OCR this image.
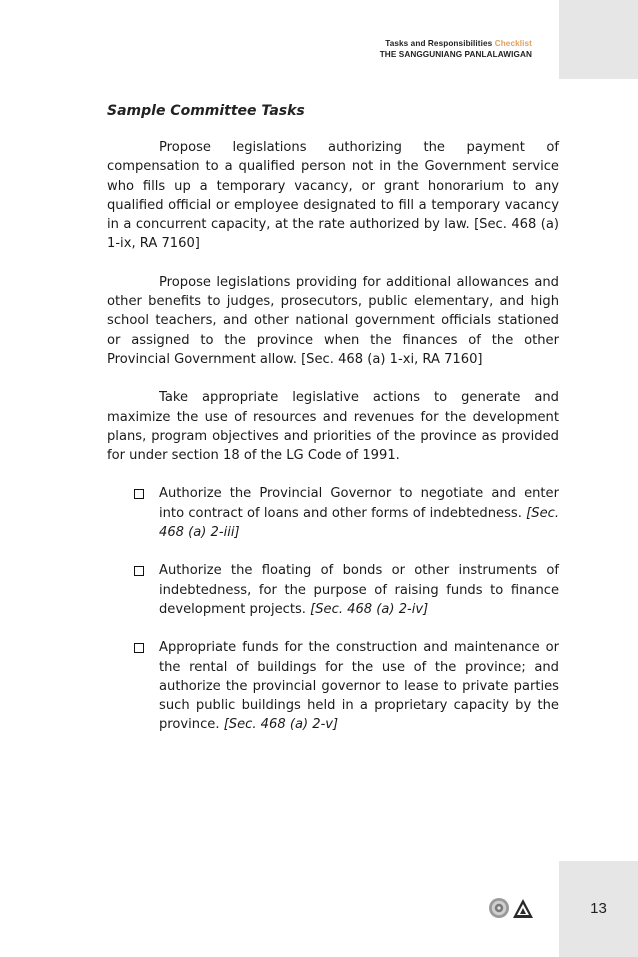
Tasks and Responsibilities Checklist
THE SANGGUNIANG PANLALAWIGAN
Sample Committee Tasks

Propose legislations authorizing the payment of compensation to a qualified person not in the Government service who fills up a temporary vacancy, or grant honorarium to any qualified official or employee designated to fill a temporary vacancy in a concurrent capacity, at the rate authorized by law. [Sec. 468 (a) 1-ix, RA 7160]

Propose legislations providing for additional allowances and other benefits to judges, prosecutors, public elementary, and high school teachers, and other national government officials stationed or assigned to the province when the finances of the other Provincial Government allow. [Sec. 468 (a) 1-xi, RA 7160]

Take appropriate legislative actions to generate and maximize the use of resources and revenues for the development plans, program objectives and priorities of the province as provided for under section 18 of the LG Code of 1991.

Authorize the Provincial Governor to negotiate and enter into contract of loans and other forms of indebtedness. [Sec. 468 (a) 2-iii]
Authorize the floating of bonds or other instruments of indebtedness, for the purpose of raising funds to finance development projects. [Sec. 468 (a) 2-iv]
Appropriate funds for the construction and maintenance or the rental of buildings for the use of the province; and authorize the provincial governor to lease to private parties such public buildings held in a proprietary capacity by the province. [Sec. 468 (a) 2-v]
13
